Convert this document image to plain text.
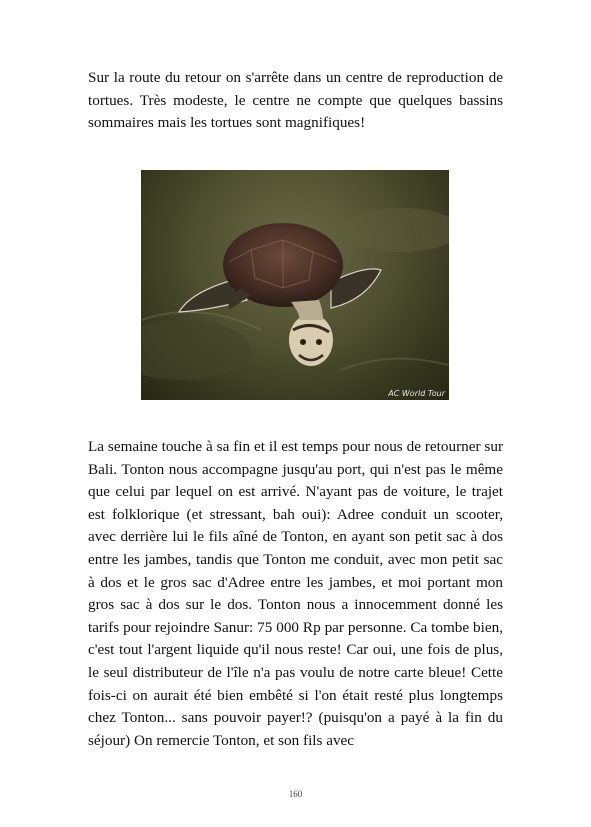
Sur la route du retour on s'arrête dans un centre de reproduction de tortues. Très modeste, le centre ne compte que quelques bassins sommaires mais les tortues sont magnifiques!

AC World Tour

La semaine touche à sa fin et il est temps pour nous de retourner sur Bali. Tonton nous accompagne jusqu'au port, qui n'est pas le même que celui par lequel on est arrivé. N'ayant pas de voiture, le trajet est folklorique (et stressant, bah oui): Adree conduit un scooter, avec derrière lui le fils aîné de Tonton, en ayant son petit sac à dos entre les jambes, tandis que Tonton me conduit, avec mon petit sac à dos et le gros sac d'Adree entre les jambes, et moi portant mon gros sac à dos sur le dos. Tonton nous a innocemment donné les tarifs pour rejoindre Sanur: 75 000 Rp par personne. Ca tombe bien, c'est tout l'argent liquide qu'il nous reste! Car oui, une fois de plus, le seul distributeur de l'île n'a pas voulu de notre carte bleue! Cette fois-ci on aurait été bien embêté si l'on était resté plus longtemps chez Tonton... sans pouvoir payer!? (puisqu'on a payé à la fin du séjour) On remercie Tonton, et son fils avec

160
